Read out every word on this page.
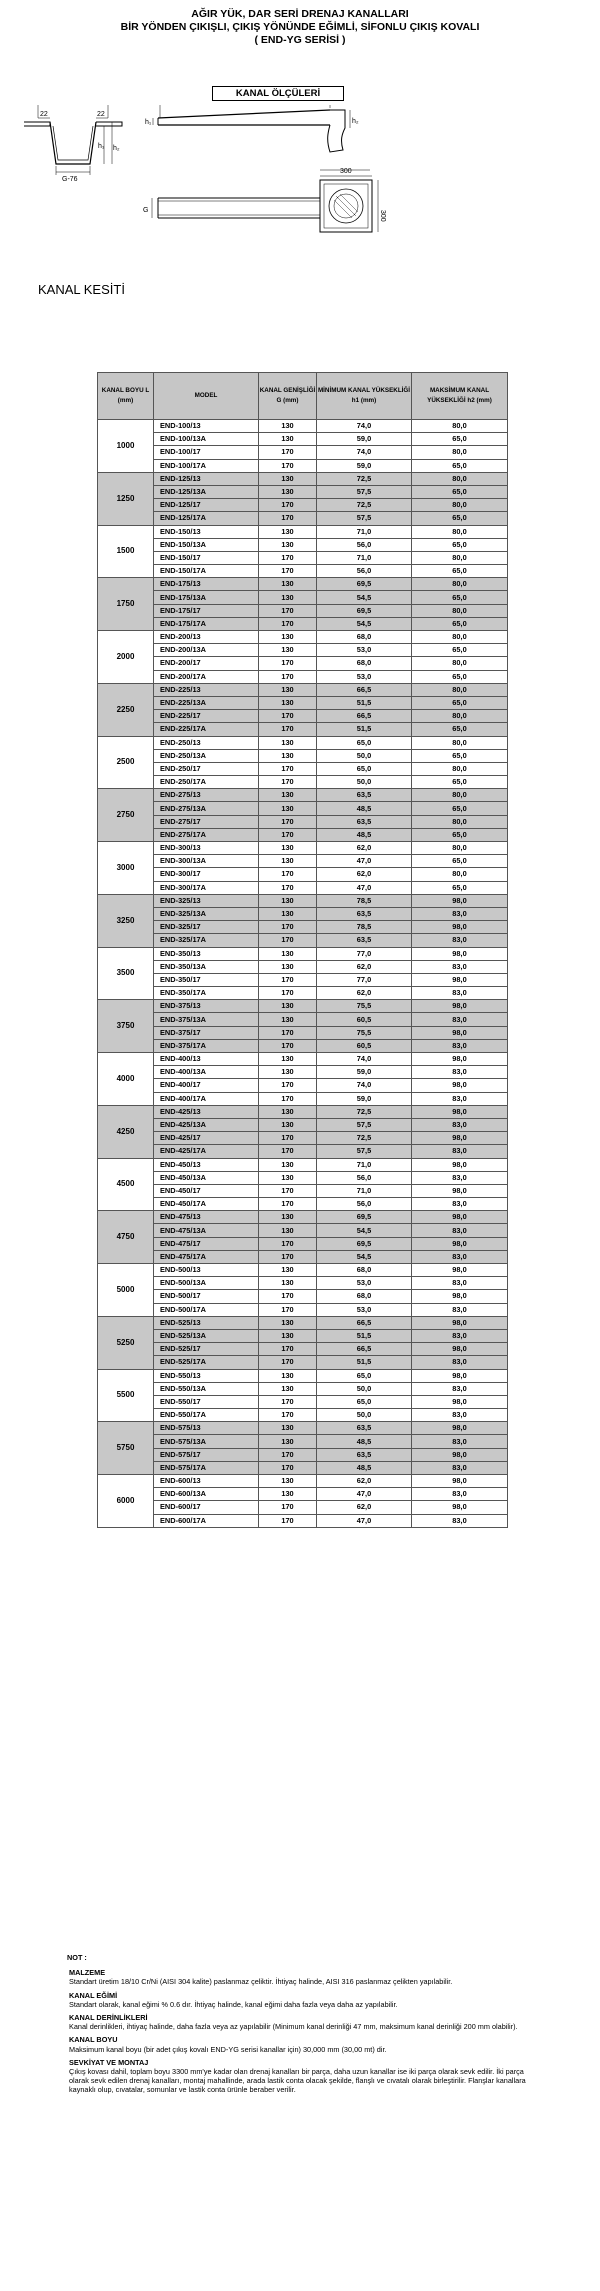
AĞIR YÜK, DAR SERİ DRENAJ KANALLARI
BİR YÖNDEN ÇIKIŞLI, ÇIKIŞ YÖNÜNDE EĞİMLİ, SİFONLU ÇIKIŞ KOVALI
( END-YG SERİSİ )
KANAL ÖLÇÜLERİ
22	22
h₁ h₂
G-76
h₁	h₂
300
300
G
KANAL KESİTİ
KANAL BOYU L (mm)	MODEL	KANAL GENİŞLİĞİ G (mm)	MİNİMUM KANAL YÜKSEKLİĞİ h1 (mm)	MAKSİMUM KANAL YÜKSEKLİĞİ h2 (mm)
1000	END-100/13	130	74,0	80,0
	END-100/13A	130	59,0	65,0
	END-100/17	170	74,0	80,0
	END-100/17A	170	59,0	65,0
1250	END-125/13	130	72,5	80,0
	END-125/13A	130	57,5	65,0
	END-125/17	170	72,5	80,0
	END-125/17A	170	57,5	65,0
1500	END-150/13	130	71,0	80,0
	END-150/13A	130	56,0	65,0
	END-150/17	170	71,0	80,0
	END-150/17A	170	56,0	65,0
1750	END-175/13	130	69,5	80,0
	END-175/13A	130	54,5	65,0
	END-175/17	170	69,5	80,0
	END-175/17A	170	54,5	65,0
2000	END-200/13	130	68,0	80,0
	END-200/13A	130	53,0	65,0
	END-200/17	170	68,0	80,0
	END-200/17A	170	53,0	65,0
2250	END-225/13	130	66,5	80,0
	END-225/13A	130	51,5	65,0
	END-225/17	170	66,5	80,0
	END-225/17A	170	51,5	65,0
2500	END-250/13	130	65,0	80,0
	END-250/13A	130	50,0	65,0
	END-250/17	170	65,0	80,0
	END-250/17A	170	50,0	65,0
2750	END-275/13	130	63,5	80,0
	END-275/13A	130	48,5	65,0
	END-275/17	170	63,5	80,0
	END-275/17A	170	48,5	65,0
3000	END-300/13	130	62,0	80,0
	END-300/13A	130	47,0	65,0
	END-300/17	170	62,0	80,0
	END-300/17A	170	47,0	65,0
3250	END-325/13	130	78,5	98,0
	END-325/13A	130	63,5	83,0
	END-325/17	170	78,5	98,0
	END-325/17A	170	63,5	83,0
3500	END-350/13	130	77,0	98,0
	END-350/13A	130	62,0	83,0
	END-350/17	170	77,0	98,0
	END-350/17A	170	62,0	83,0
3750	END-375/13	130	75,5	98,0
	END-375/13A	130	60,5	83,0
	END-375/17	170	75,5	98,0
	END-375/17A	170	60,5	83,0
4000	END-400/13	130	74,0	98,0
	END-400/13A	130	59,0	83,0
	END-400/17	170	74,0	98,0
	END-400/17A	170	59,0	83,0
4250	END-425/13	130	72,5	98,0
	END-425/13A	130	57,5	83,0
	END-425/17	170	72,5	98,0
	END-425/17A	170	57,5	83,0
4500	END-450/13	130	71,0	98,0
	END-450/13A	130	56,0	83,0
	END-450/17	170	71,0	98,0
	END-450/17A	170	56,0	83,0
4750	END-475/13	130	69,5	98,0
	END-475/13A	130	54,5	83,0
	END-475/17	170	69,5	98,0
	END-475/17A	170	54,5	83,0
5000	END-500/13	130	68,0	98,0
	END-500/13A	130	53,0	83,0
	END-500/17	170	68,0	98,0
	END-500/17A	170	53,0	83,0
5250	END-525/13	130	66,5	98,0
	END-525/13A	130	51,5	83,0
	END-525/17	170	66,5	98,0
	END-525/17A	170	51,5	83,0
5500	END-550/13	130	65,0	98,0
	END-550/13A	130	50,0	83,0
	END-550/17	170	65,0	98,0
	END-550/17A	170	50,0	83,0
5750	END-575/13	130	63,5	98,0
	END-575/13A	130	48,5	83,0
	END-575/17	170	63,5	98,0
	END-575/17A	170	48,5	83,0
6000	END-600/13	130	62,0	98,0
	END-600/13A	130	47,0	83,0
	END-600/17	170	62,0	98,0
	END-600/17A	170	47,0	83,0
NOT :
MALZEME
Standart üretim 18/10 Cr/Ni (AISI 304 kalite) paslanmaz çeliktir. İhtiyaç halinde, AISI 316 paslanmaz çelikten yapılabilir.
KANAL EĞİMİ
Standart olarak, kanal eğimi % 0.6 dır. İhtiyaç halinde, kanal eğimi daha fazla veya daha az yapılabilir.
KANAL DERİNLİKLERİ
Kanal derinlikleri, ihtiyaç halinde, daha fazla veya az yapılabilir (Minimum kanal derinliği 47 mm, maksimum kanal derinliği 200 mm olabilir).
KANAL BOYU
Maksimum kanal boyu (bir adet çıkış kovalı END-YG serisi kanallar için) 30,000 mm (30,00 mt) dir.
SEVKİYAT VE MONTAJ
Çıkış kovası dahil, toplam boyu 3300 mm'ye kadar olan drenaj kanalları bir parça, daha uzun kanallar ise iki parça olarak sevk edilir. İki parça olarak sevk edilen drenaj kanalları, montaj mahallinde, arada lastik conta olacak şekilde, flanşlı ve cıvatalı olarak birleştirilir. Flanşlar kanallara kaynaklı olup, cıvatalar, somunlar ve lastik conta ürünle beraber verilir.
